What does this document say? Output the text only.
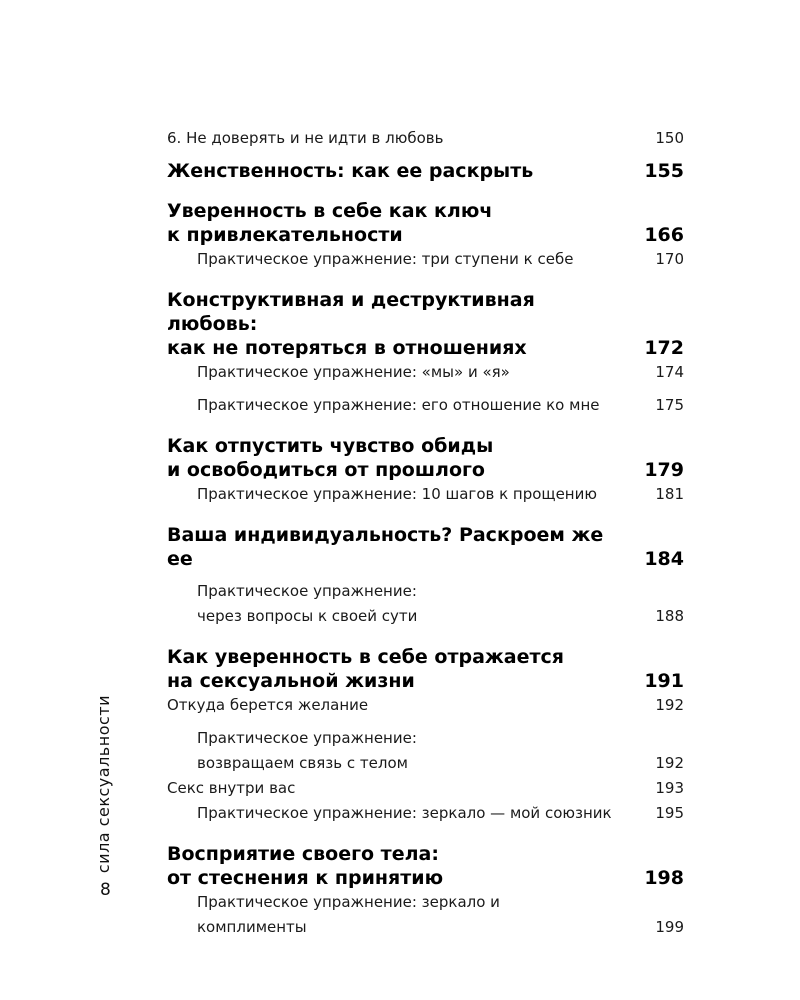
6. Не доверять и не идти в любовь	150
Женственность: как ее раскрыть	155
Уверенность в себе как ключ
к привлекательности	166
Практическое упражнение: три ступени к себе	170
Конструктивная и деструктивная любовь:
как не потеряться в отношениях	172
Практическое упражнение: «мы» и «я»	174
Практическое упражнение: его отношение ко мне	175
Как отпустить чувство обиды
и освободиться от прошлого	179
Практическое упражнение: 10 шагов к прощению	181
Ваша индивидуальность? Раскроем же ее	184
Практическое упражнение:
через вопросы к своей сути	188
Как уверенность в себе отражается
на сексуальной жизни	191
Откуда берется желание	192
Практическое упражнение:
возвращаем связь с телом	192
Секс внутри вас	193
Практическое упражнение: зеркало — мой союзник	195
Восприятие своего тела:
от стеснения к принятию	198
Практическое упражнение: зеркало и комплименты	199
сила сексуальности
8
